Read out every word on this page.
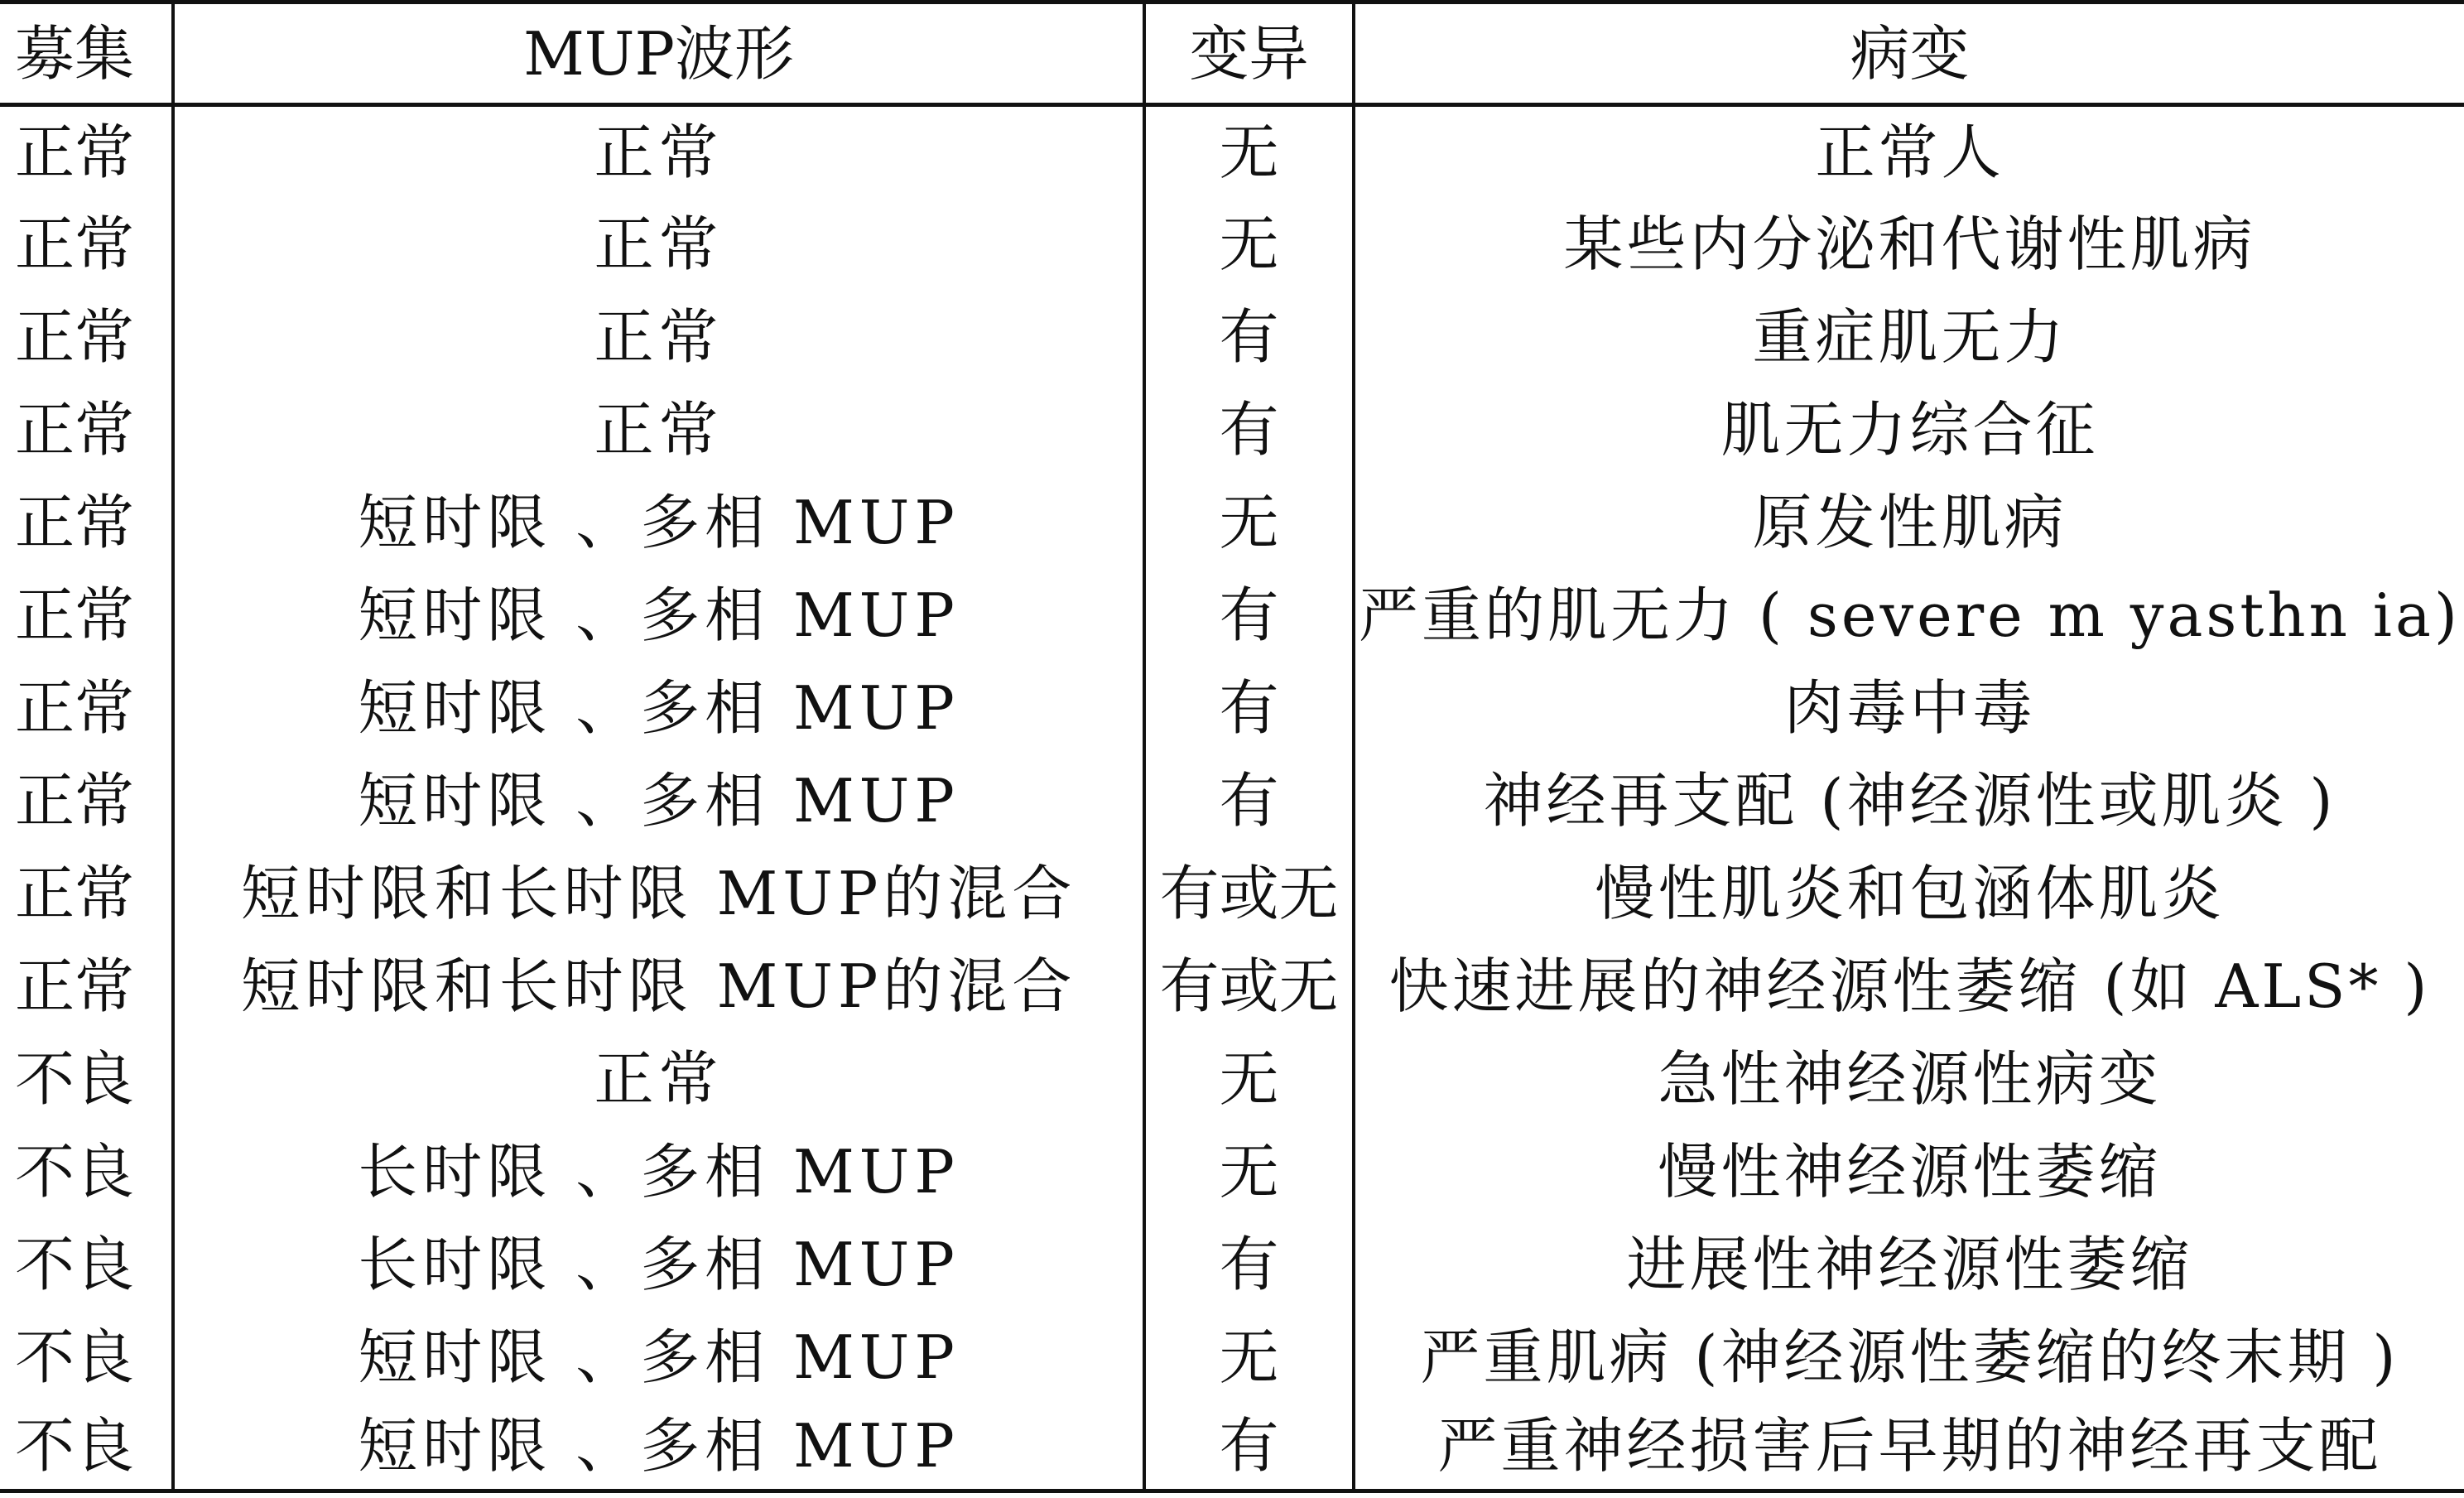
募集	MUP波形	变异	病变
正常	正常	无	正常人
正常	正常	无	某些内分泌和代谢性肌病
正常	正常	有	重症肌无力
正常	正常	有	肌无力综合征
正常	短时限 、多相 MUP	无	原发性肌病
正常	短时限 、多相 MUP	有	严重的肌无力 ( severe m yasthn ia)
正常	短时限 、多相 MUP	有	肉毒中毒
正常	短时限 、多相 MUP	有	神经再支配 (神经源性或肌炎 )
正常	短时限和长时限 MUP的混合	有或无	慢性肌炎和包涵体肌炎
正常	短时限和长时限 MUP的混合	有或无	快速进展的神经源性萎缩 (如 ALS* )
不良	正常	无	急性神经源性病变
不良	长时限 、多相 MUP	无	慢性神经源性萎缩
不良	长时限 、多相 MUP	有	进展性神经源性萎缩
不良	短时限 、多相 MUP	无	严重肌病 (神经源性萎缩的终末期 )
不良	短时限 、多相 MUP	有	严重神经损害后早期的神经再支配
